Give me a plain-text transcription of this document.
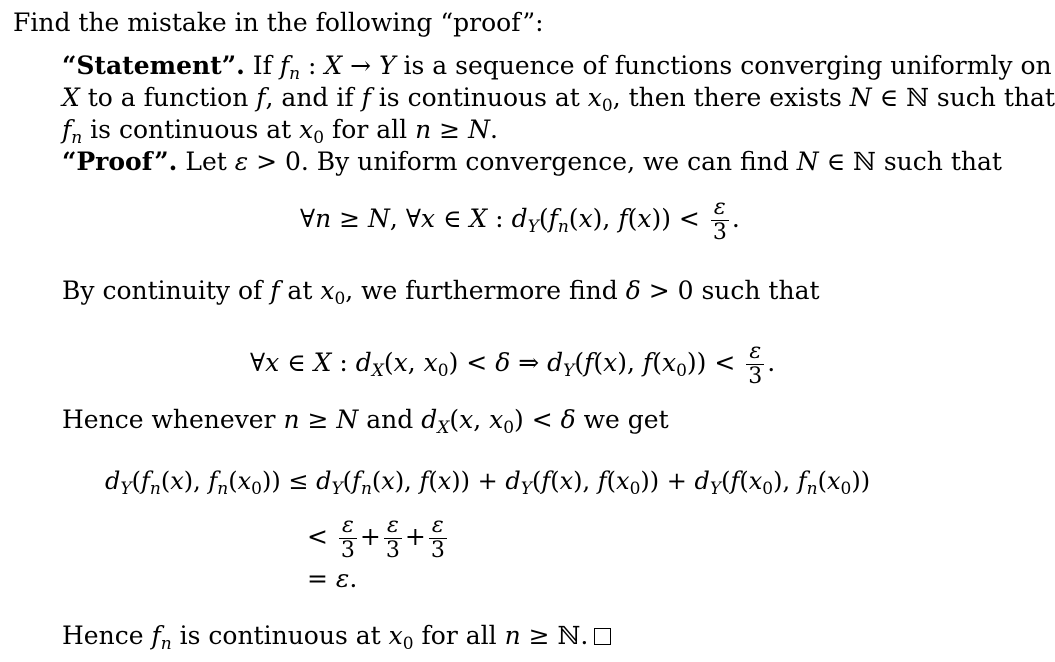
Find the mistake in the following “proof”:
“Statement”. If $f_n$ : X → Y is a sequence of functions converging uniformly on
X to a function f, and if f is continuous at $x_0$, then there exists N ∈ ℕ such that
$f_n$ is continuous at $x_0$ for all n ≥ N.
“Proof”. Let ε > 0. By uniform convergence, we can find N ∈ ℕ such that
∀n ≥ N, ∀x ∈ X : $d_Y(f_n(x)$, $f(x)) < \frac{\varepsilon}{3}$ .
By continuity of f at $x_0$, we furthermore find δ > 0 such that
∀x ∈ X : $d_X(x$, $x_0) < \delta$ ⇒ $d_Y(f(x)$, $f(x_0)) < \frac{\varepsilon}{3}$ .
Hence whenever n ≥ N and $d_X(x$, $x_0) < \delta$ we get
$d_Y(f_n(x)$, $f_n(x_0)) \le d_Y(f_n(x)$, $f(x)) + d_Y(f(x)$, $f(x_0)) + d_Y(f(x_0)$, $f_n(x_0)$)
< $\frac{\varepsilon}{3} + \frac{\varepsilon}{3} + \frac{\varepsilon}{3}$
= ε.
Hence $f_n$ is continuous at $x_0$ for all n ≥ ℕ.
